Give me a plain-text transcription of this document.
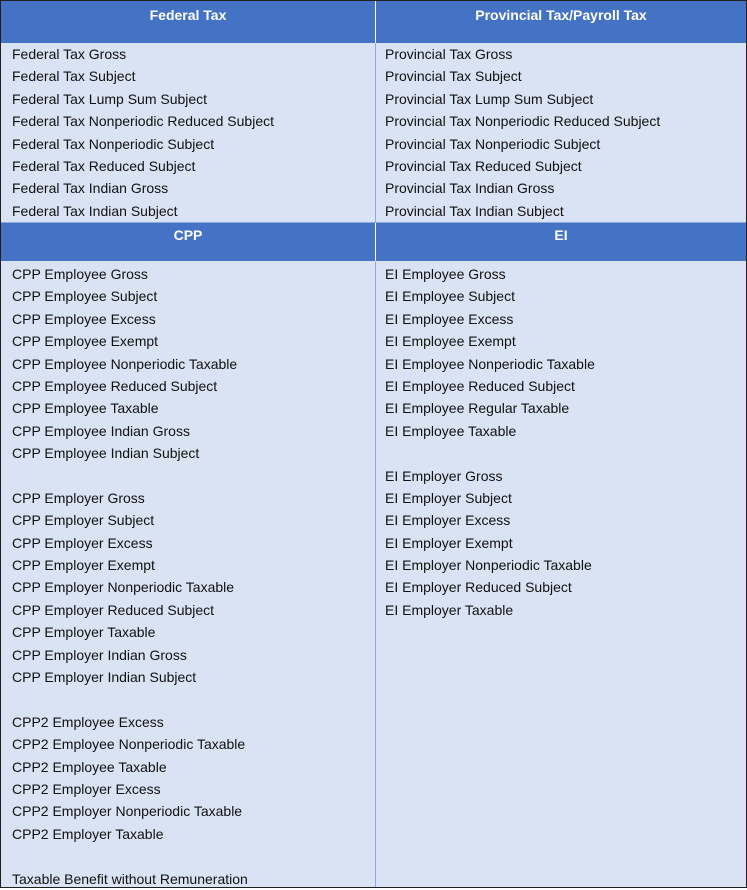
Federal Tax	Provincial Tax/Payroll Tax
Federal Tax Gross
Federal Tax Subject
Federal Tax Lump Sum Subject
Federal Tax Nonperiodic Reduced Subject
Federal Tax Nonperiodic Subject
Federal Tax Reduced Subject
Federal Tax Indian Gross
Federal Tax Indian Subject
Provincial Tax Gross
Provincial Tax Subject
Provincial Tax Lump Sum Subject
Provincial Tax Nonperiodic Reduced Subject
Provincial Tax Nonperiodic Subject
Provincial Tax Reduced Subject
Provincial Tax Indian Gross
Provincial Tax Indian Subject
CPP	EI
CPP Employee Gross
CPP Employee Subject
CPP Employee Excess
CPP Employee Exempt
CPP Employee Nonperiodic Taxable
CPP Employee Reduced Subject
CPP Employee Taxable
CPP Employee Indian Gross
CPP Employee Indian Subject
CPP Employer Gross
CPP Employer Subject
CPP Employer Excess
CPP Employer Exempt
CPP Employer Nonperiodic Taxable
CPP Employer Reduced Subject
CPP Employer Taxable
CPP Employer Indian Gross
CPP Employer Indian Subject
CPP2 Employee Excess
CPP2 Employee Nonperiodic Taxable
CPP2 Employee Taxable
CPP2 Employer Excess
CPP2 Employer Nonperiodic Taxable
CPP2 Employer Taxable
Taxable Benefit without Remuneration
EI Employee Gross
EI Employee Subject
EI Employee Excess
EI Employee Exempt
EI Employee Nonperiodic Taxable
EI Employee Reduced Subject
EI Employee Regular Taxable
EI Employee Taxable
EI Employer Gross
EI Employer Subject
EI Employer Excess
EI Employer Exempt
EI Employer Nonperiodic Taxable
EI Employer Reduced Subject
EI Employer Taxable
